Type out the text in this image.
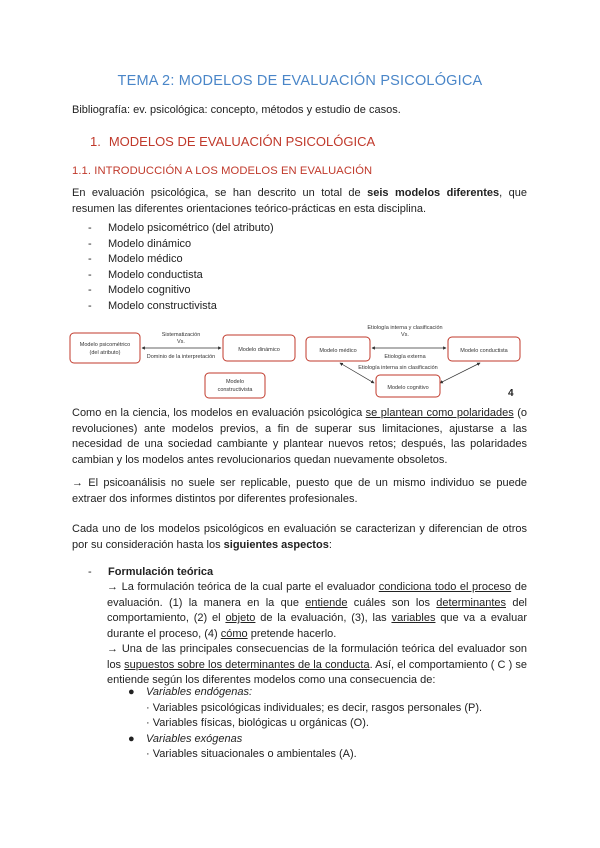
TEMA 2: MODELOS DE EVALUACIÓN PSICOLÓGICA
Bibliografía: ev. psicológica: concepto, métodos y estudio de casos.
1. MODELOS DE EVALUACIÓN PSICOLÓGICA
1.1. INTRODUCCIÓN A LOS MODELOS EN EVALUACIÓN
En evaluación psicológica, se han descrito un total de seis modelos diferentes, que resumen las diferentes orientaciones teórico-prácticas en esta disciplina.
- Modelo psicométrico (del atributo)
- Modelo dinámico
- Modelo médico
- Modelo conductista
- Modelo cognitivo
- Modelo constructivista
Modelo psicométrico
(del atributo)
Sistematización
Vs.
Dominio de la interpretación
Modelo dinámico
Modelo
constructivista
Modelo médico
Etiología interna y clasificación
Vs.
Etiología externa
Modelo conductista
Etiología interna sin clasificación
Modelo cognitivo	4
Como en la ciencia, los modelos en evaluación psicológica se plantean como polaridades (o revoluciones) ante modelos previos, a fin de superar sus limitaciones, ajustarse a las necesidad de una sociedad cambiante y plantear nuevos retos; después, las polaridades cambian y los modelos antes revolucionarios quedan nuevamente obsoletos.
→ El psicoanálisis no suele ser replicable, puesto que de un mismo individuo se puede extraer dos informes distintos por diferentes profesionales.
Cada uno de los modelos psicológicos en evaluación se caracterizan y diferencian de otros por su consideración hasta los siguientes aspectos:
- Formulación teórica
→ La formulación teórica de la cual parte el evaluador condiciona todo el proceso de evaluación. (1) la manera en la que entiende cuáles son los determinantes del comportamiento, (2) el objeto de la evaluación, (3), las variables que va a evaluar durante el proceso, (4) cómo pretende hacerlo.
→ Una de las principales consecuencias de la formulación teórica del evaluador son los supuestos sobre los determinantes de la conducta. Así, el comportamiento ( C ) se entiende según los diferentes modelos como una consecuencia de:
●	Variables endógenas:
· Variables psicológicas individuales; es decir, rasgos personales (P).
· Variables físicas, biológicas u orgánicas (O).
●	Variables exógenas
· Variables situacionales o ambientales (A).
